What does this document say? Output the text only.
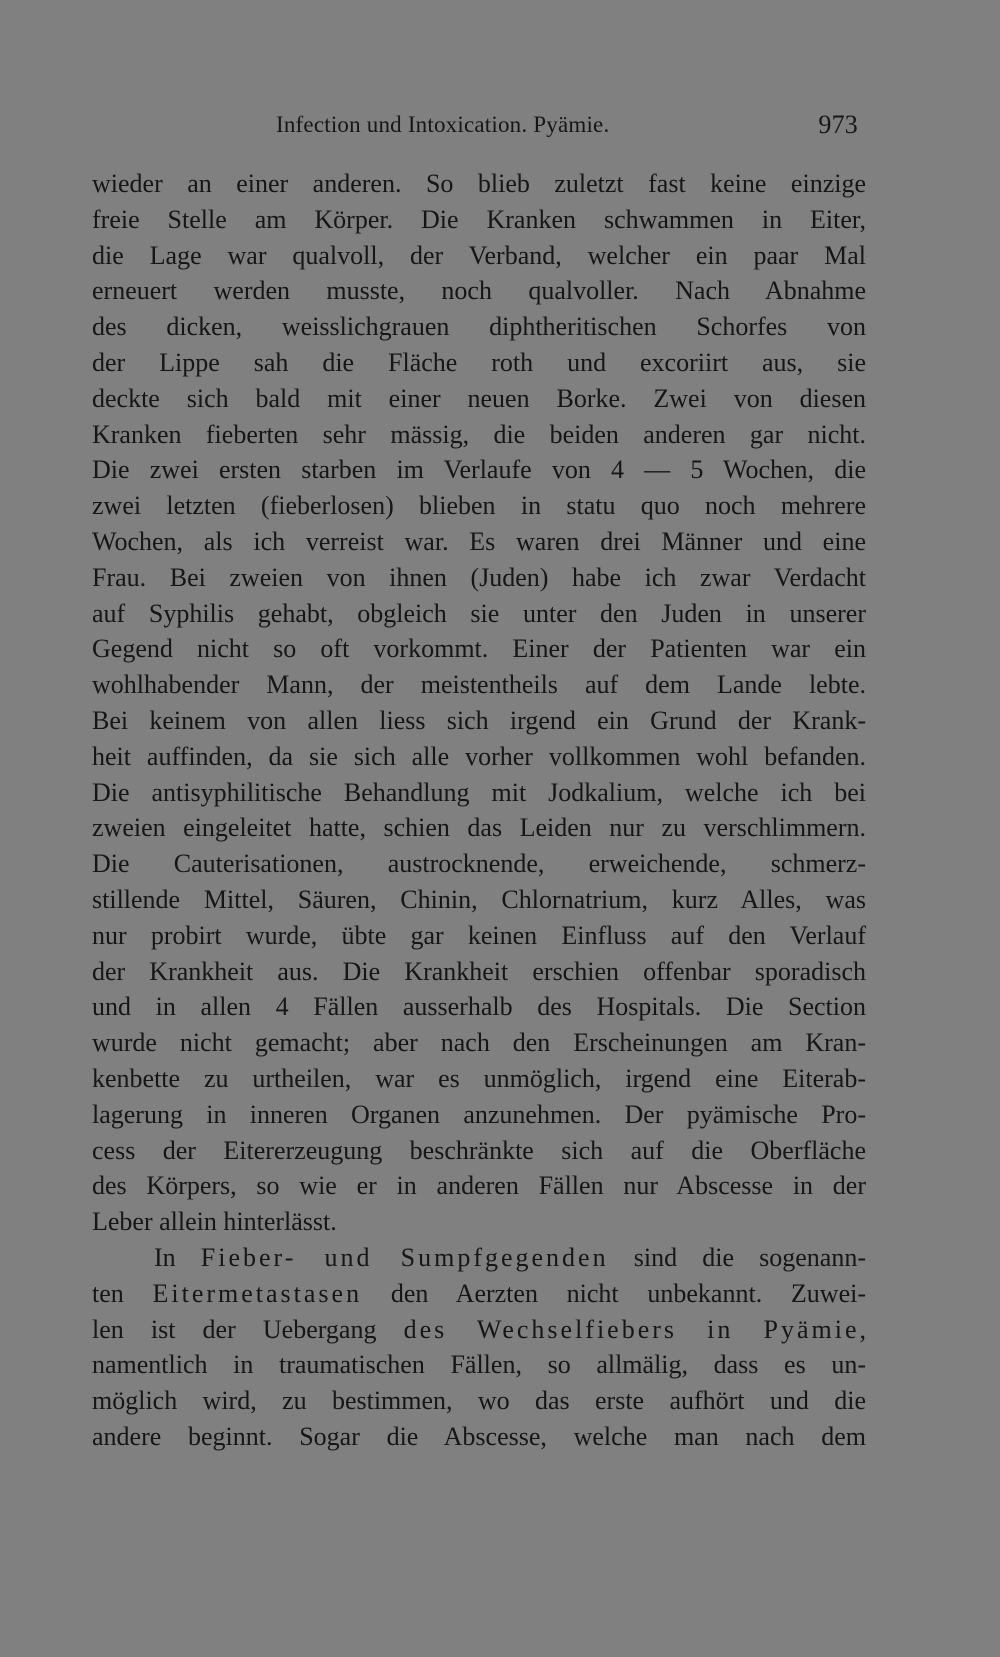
Infection und Intoxication. Pyämie.	973
wieder an einer anderen. So blieb zuletzt fast keine einzige
freie Stelle am Körper. Die Kranken schwammen in Eiter,
die Lage war qualvoll, der Verband, welcher ein paar Mal
erneuert werden musste, noch qualvoller. Nach Abnahme
des dicken, weisslichgrauen diphtheritischen Schorfes von
der Lippe sah die Fläche roth und excoriirt aus, sie
deckte sich bald mit einer neuen Borke. Zwei von diesen
Kranken fieberten sehr mässig, die beiden anderen gar nicht.
Die zwei ersten starben im Verlaufe von 4 — 5 Wochen, die
zwei letzten (fieberlosen) blieben in statu quo noch mehrere
Wochen, als ich verreist war. Es waren drei Männer und eine
Frau. Bei zweien von ihnen (Juden) habe ich zwar Verdacht
auf Syphilis gehabt, obgleich sie unter den Juden in unserer
Gegend nicht so oft vorkommt. Einer der Patienten war ein
wohlhabender Mann, der meistentheils auf dem Lande lebte.
Bei keinem von allen liess sich irgend ein Grund der Krank-
heit auffinden, da sie sich alle vorher vollkommen wohl befanden.
Die antisyphilitische Behandlung mit Jodkalium, welche ich bei
zweien eingeleitet hatte, schien das Leiden nur zu verschlimmern.
Die Cauterisationen, austrocknende, erweichende, schmerz-
stillende Mittel, Säuren, Chinin, Chlornatrium, kurz Alles, was
nur probirt wurde, übte gar keinen Einfluss auf den Verlauf
der Krankheit aus. Die Krankheit erschien offenbar sporadisch
und in allen 4 Fällen ausserhalb des Hospitals. Die Section
wurde nicht gemacht; aber nach den Erscheinungen am Kran-
kenbette zu urtheilen, war es unmöglich, irgend eine Eiterab-
lagerung in inneren Organen anzunehmen. Der pyämische Pro-
cess der Eitererzeugung beschränkte sich auf die Oberfläche
des Körpers, so wie er in anderen Fällen nur Abscesse in der
Leber allein hinterlässt.
In Fieber- und Sumpfgegenden sind die sogenann-
ten Eitermetastasen den Aerzten nicht unbekannt. Zuwei-
len ist der Uebergang des Wechselfiebers in Pyämie,
namentlich in traumatischen Fällen, so allmälig, dass es un-
möglich wird, zu bestimmen, wo das erste aufhört und die
andere beginnt. Sogar die Abscesse, welche man nach dem
